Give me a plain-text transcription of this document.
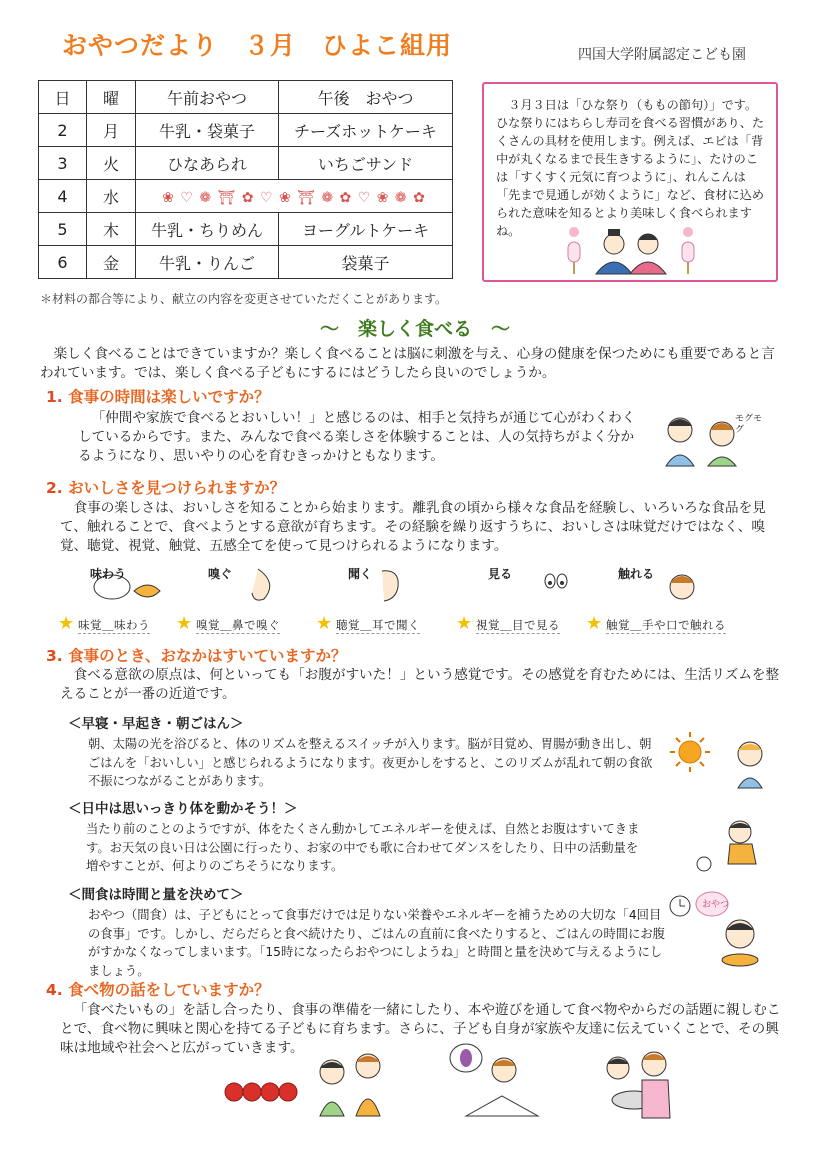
おやつだより　３月　ひよこ組用	四国大学附属認定こども園
日	曜	午前おやつ	午後　おやつ
2	月	牛乳・袋菓子	チーズホットケーキ
3	火	ひなあられ	いちごサンド
4	水	❀ ♡ ❁ ⛩ ✿ ♡ ❀ ⛩ ❁ ✿ ♡ ❀ ❁ ✿	
5	木	牛乳・ちりめん	ヨーグルトケーキ
6	金	牛乳・りんご	袋菓子
＊材料の都合等により、献立の内容を変更させていただくことがあります。
３月３日は「ひな祭り（ももの節句）」です。ひな祭りにはちらし寿司を食べる習慣があり、たくさんの具材を使用します。例えば、エビは「背中が丸くなるまで長生きするように」、たけのこは「すくすく元気に育つように」、れんこんは「先まで見通しが効くように」など、食材に込められた意味を知るとより美味しく食べられますね。
～　楽しく食べる　～
楽しく食べることはできていますか？楽しく食べることは脳に刺激を与え、心身の健康を保つためにも重要であると言われています。では、楽しく食べる子どもにするにはどうしたら良いのでしょうか。
1. 食事の時間は楽しいですか？
「仲間や家族で食べるとおいしい！」と感じるのは、相手と気持ちが通じて心がわくわくしているからです。また、みんなで食べる楽しさを体験することは、人の気持ちがよく分かるようになり、思いやりの心を育むきっかけともなります。
モグモグ
2. おいしさを見つけられますか？
食事の楽しさは、おいしさを知ることから始まります。離乳食の頃から様々な食品を経験し、いろいろな食品を見て、触れることで、食べようとする意欲が育ちます。その経験を繰り返すうちに、おいしさは味覚だけではなく、嗅覚、聴覚、視覚、触覚、五感全てを使って見つけられるようになります。
味わう
★ 味覚＿味わう
嗅ぐ
★ 嗅覚＿鼻で嗅ぐ
聞く
★ 聴覚＿耳で聞く
見る
★ 視覚＿目で見る
触れる
★ 触覚＿手や口で触れる
3. 食事のとき、おなかはすいていますか？
食べる意欲の原点は、何といっても「お腹がすいた！」という感覚です。その感覚を育むためには、生活リズムを整えることが一番の近道です。
＜早寝・早起き・朝ごはん＞
朝、太陽の光を浴びると、体のリズムを整えるスイッチが入ります。脳が目覚め、胃腸が動き出し、朝ごはんを「おいしい」と感じられるようになります。夜更かしをすると、このリズムが乱れて朝の食欲不振につながることがあります。
＜日中は思いっきり体を動かそう！＞
当たり前のことのようですが、体をたくさん動かしてエネルギーを使えば、自然とお腹はすいてきます。お天気の良い日は公園に行ったり、お家の中でも歌に合わせてダンスをしたり、日中の活動量を増やすことが、何よりのごちそうになります。
＜間食は時間と量を決めて＞
おやつ（間食）は、子どもにとって食事だけでは足りない栄養やエネルギーを補うための大切な「4回目の食事」です。しかし、だらだらと食べ続けたり、ごはんの直前に食べたりすると、ごはんの時間にお腹がすかなくなってしまいます。「15時になったらおやつにしようね」と時間と量を決めて与えるようにしましょう。
おやつ
4. 食べ物の話をしていますか？
「食べたいもの」を話し合ったり、食事の準備を一緒にしたり、本や遊びを通して食べ物やからだの話題に親しむことで、食べ物に興味と関心を持てる子どもに育ちます。さらに、子ども自身が家族や友達に伝えていくことで、その興味は地域や社会へと広がっていきます。
